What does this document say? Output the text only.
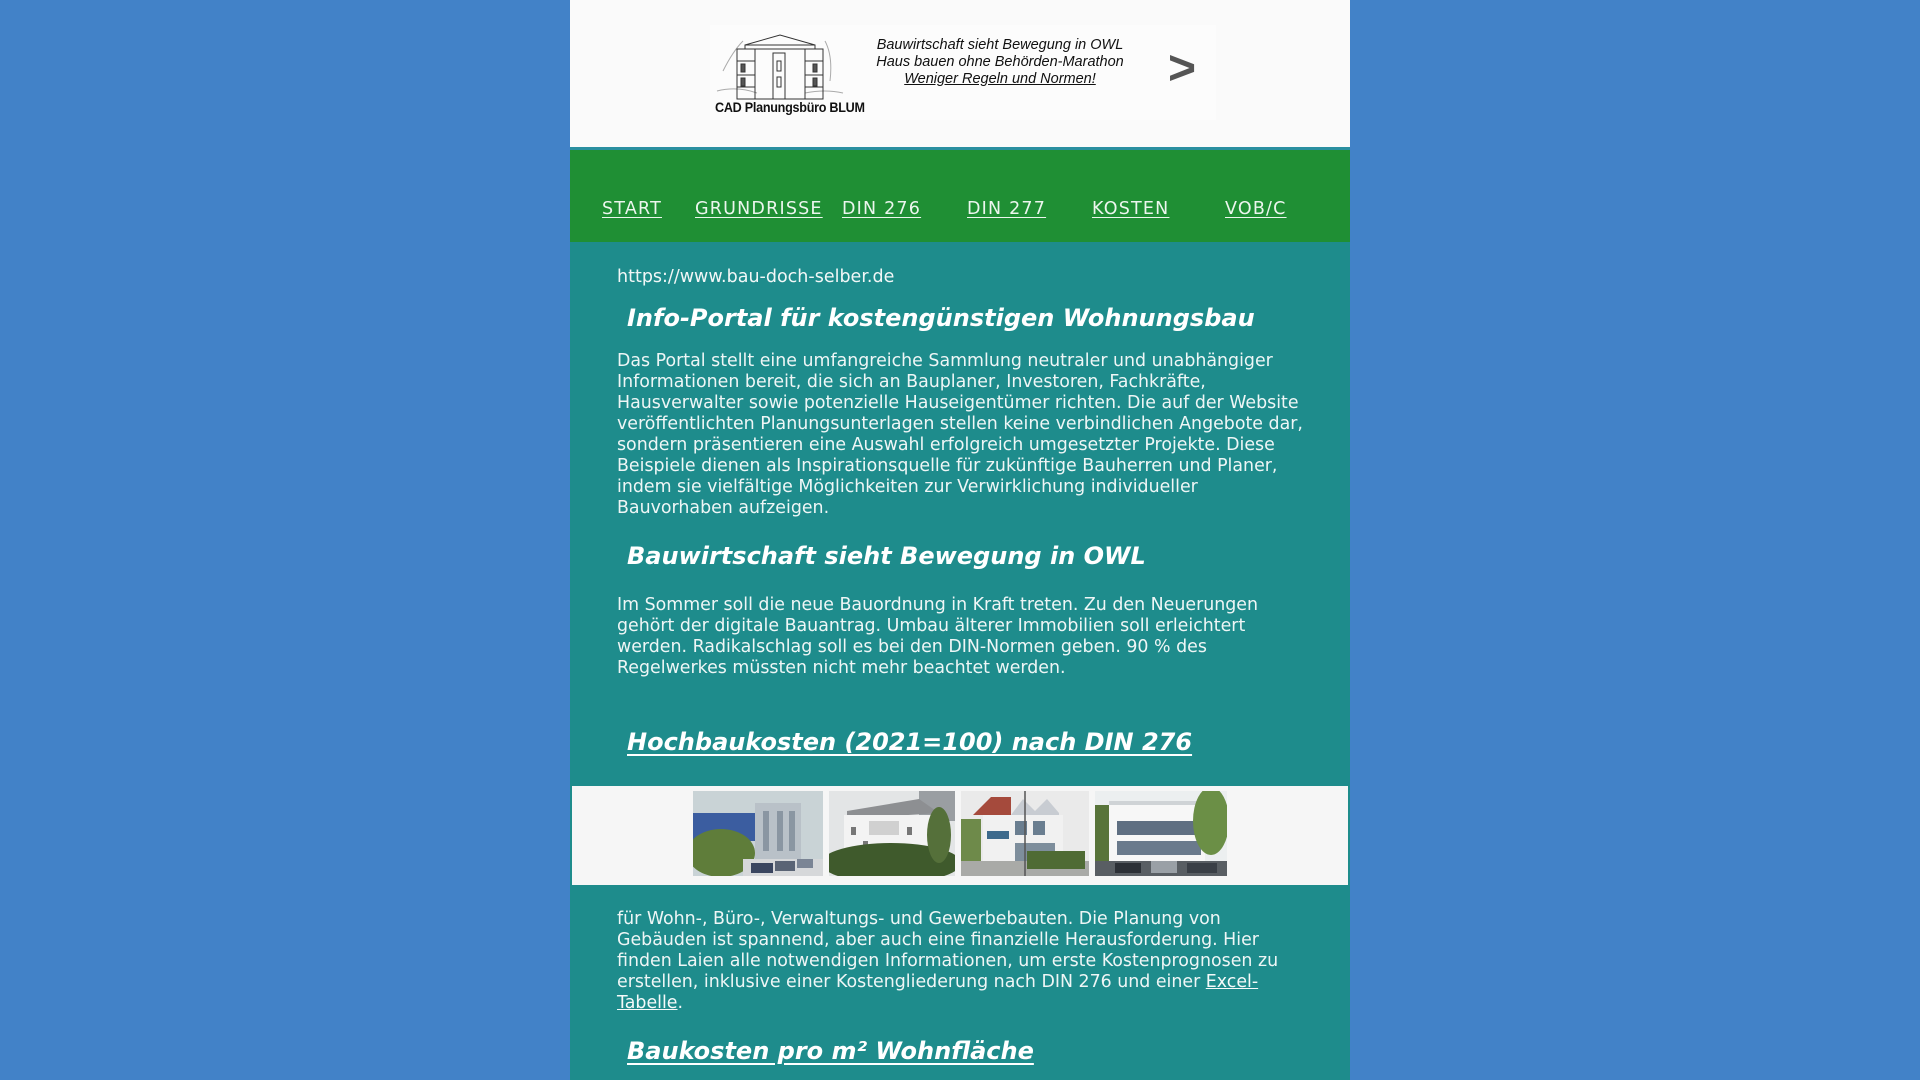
CAD Planungsbüro BLUM
Bauwirtschaft sieht Bewegung in OWL
Haus bauen ohne Behörden-Marathon
Weniger Regeln und Normen!	>
START GRUNDRISSE DIN 276	DIN 277	KOSTEN	VOB/C
https://www.bau-doch-selber.de
Info-Portal für kostengünstigen Wohnungsbau
Das Portal stellt eine umfangreiche Sammlung neutraler und unabhängiger Informationen bereit, die sich an Bauplaner, Investoren, Fachkräfte, Hausverwalter sowie potenzielle Hauseigentümer richten. Die auf der Website veröffentlichten Planungsunterlagen stellen keine verbindlichen Angebote dar, sondern präsentieren eine Auswahl erfolgreich umgesetzter Projekte. Diese Beispiele dienen als Inspirationsquelle für zukünftige Bauherren und Planer, indem sie vielfältige Möglichkeiten zur Verwirklichung individueller Bauvorhaben aufzeigen.
Bauwirtschaft sieht Bewegung in OWL
Im Sommer soll die neue Bauordnung in Kraft treten. Zu den Neuerungen gehört der digitale Bauantrag. Umbau älterer Immobilien soll erleichtert werden. Radikalschlag soll es bei den DIN-Normen geben. 90 % des Regelwerkes müssten nicht mehr beachtet werden.
Hochbaukosten (2021=100) nach DIN 276
für Wohn-, Büro-, Verwaltungs- und Gewerbebauten. Die Planung von Gebäuden ist spannend, aber auch eine finanzielle Herausforderung. Hier finden Laien alle notwendigen Informationen, um erste Kostenprognosen zu erstellen, inklusive einer Kostengliederung nach DIN 276 und einer Excel-Tabelle.
Baukosten pro m² Wohnfläche
